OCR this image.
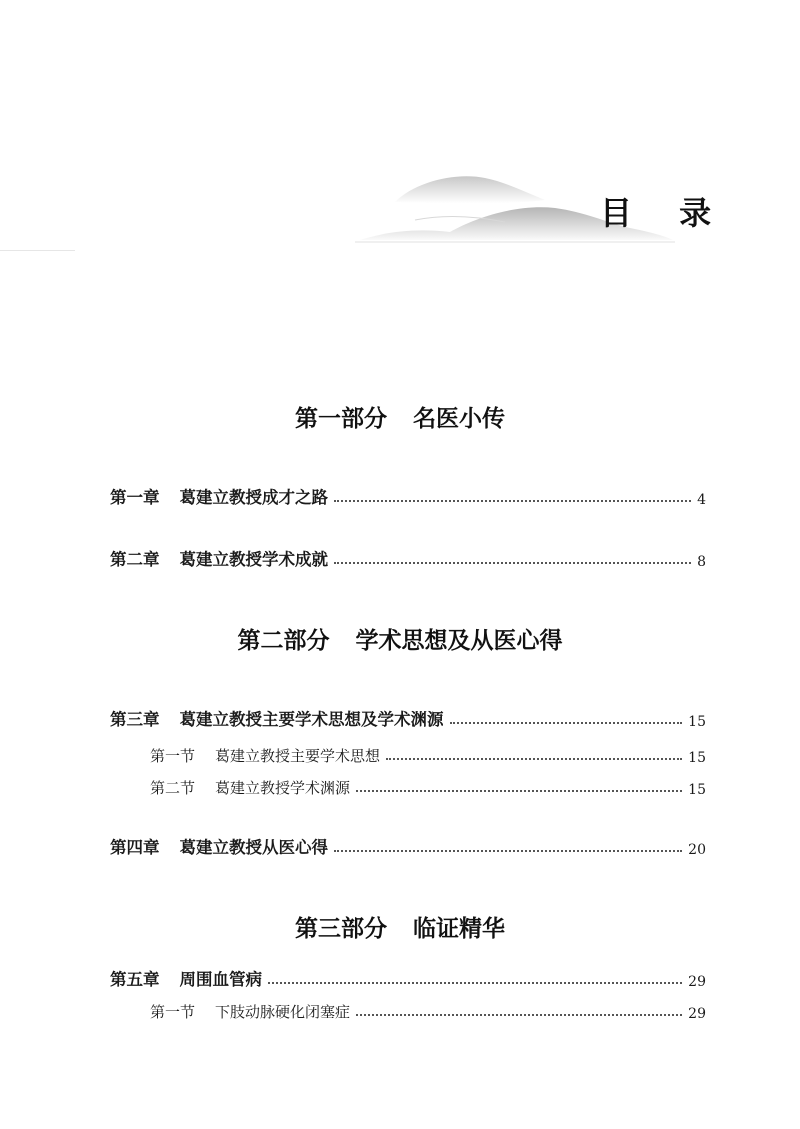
目 录
第一部分 名医小传
第一章 葛建立教授成才之路	4
第二章 葛建立教授学术成就	8
第二部分 学术思想及从医心得
第三章 葛建立教授主要学术思想及学术渊源	15
第一节 葛建立教授主要学术思想	15
第二节 葛建立教授学术渊源	15
第四章 葛建立教授从医心得	20
第三部分 临证精华
第五章 周围血管病	29
第一节 下肢动脉硬化闭塞症	29
